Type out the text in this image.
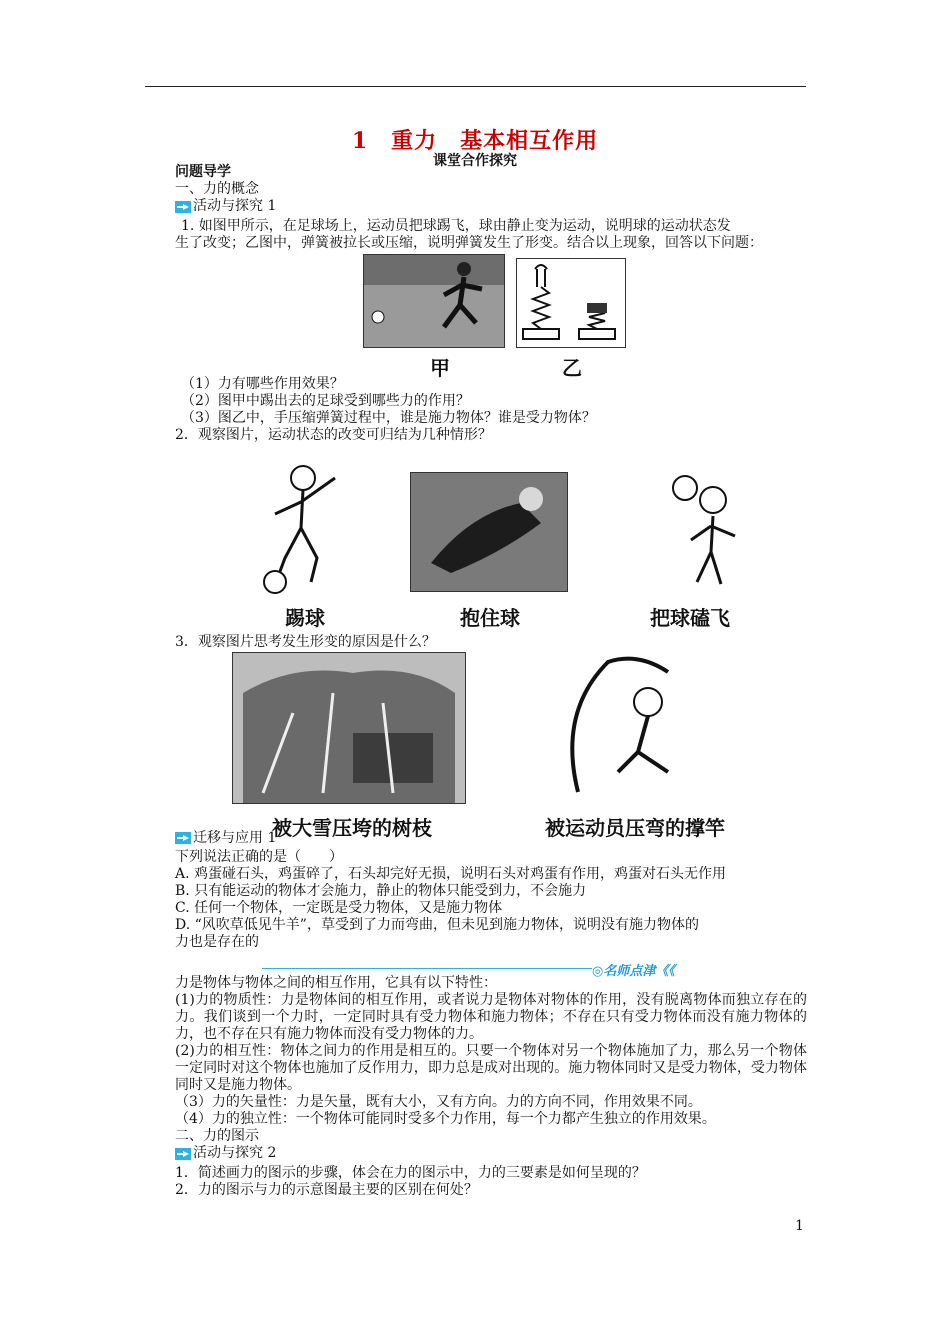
1　重力　基本相互作用
课堂合作探究
甲	乙
踢球	抱住球	把球磕飞
被大雪压垮的树枝	被运动员压弯的撑竿
◎名师点津《《
问题导学
一、力的概念
活动与探究 1
1. 如图甲所示，在足球场上，运动员把球踢飞，球由静止变为运动，说明球的运动状态发
生了改变；乙图中，弹簧被拉长或压缩，说明弹簧发生了形变。结合以上现象，回答以下问题：
（1）力有哪些作用效果？
（2）图甲中踢出去的足球受到哪些力的作用？
（3）图乙中，手压缩弹簧过程中，谁是施力物体？谁是受力物体？
2．观察图片，运动状态的改变可归结为几种情形？
3．观察图片思考发生形变的原因是什么？
迁移与应用 1
下列说法正确的是（　　）
A. 鸡蛋碰石头，鸡蛋碎了，石头却完好无损，说明石头对鸡蛋有作用，鸡蛋对石头无作用
B. 只有能运动的物体才会施力，静止的物体只能受到力，不会施力
C. 任何一个物体，一定既是受力物体，又是施力物体
D. “风吹草低见牛羊”，草受到了力而弯曲，但未见到施力物体，说明没有施力物体的
力也是存在的
力是物体与物体之间的相互作用，它具有以下特性：
(1)力的物质性：力是物体间的相互作用，或者说力是物体对物体的作用，没有脱离物体而独立存在的力。我们谈到一个力时，一定同时具有受力物体和施力物体；不存在只有受力物体而没有施力物体的力，也不存在只有施力物体而没有受力物体的力。
(2)力的相互性：物体之间力的作用是相互的。只要一个物体对另一个物体施加了力，那么另一个物体一定同时对这个物体也施加了反作用力，即力总是成对出现的。施力物体同时又是受力物体，受力物体同时又是施力物体。
（3）力的矢量性：力是矢量，既有大小，又有方向。力的方向不同，作用效果不同。
（4）力的独立性：一个物体可能同时受多个力作用，每一个力都产生独立的作用效果。
二、力的图示
活动与探究 2
1．简述画力的图示的步骤，体会在力的图示中，力的三要素是如何呈现的？
2．力的图示与力的示意图最主要的区别在何处？
1
